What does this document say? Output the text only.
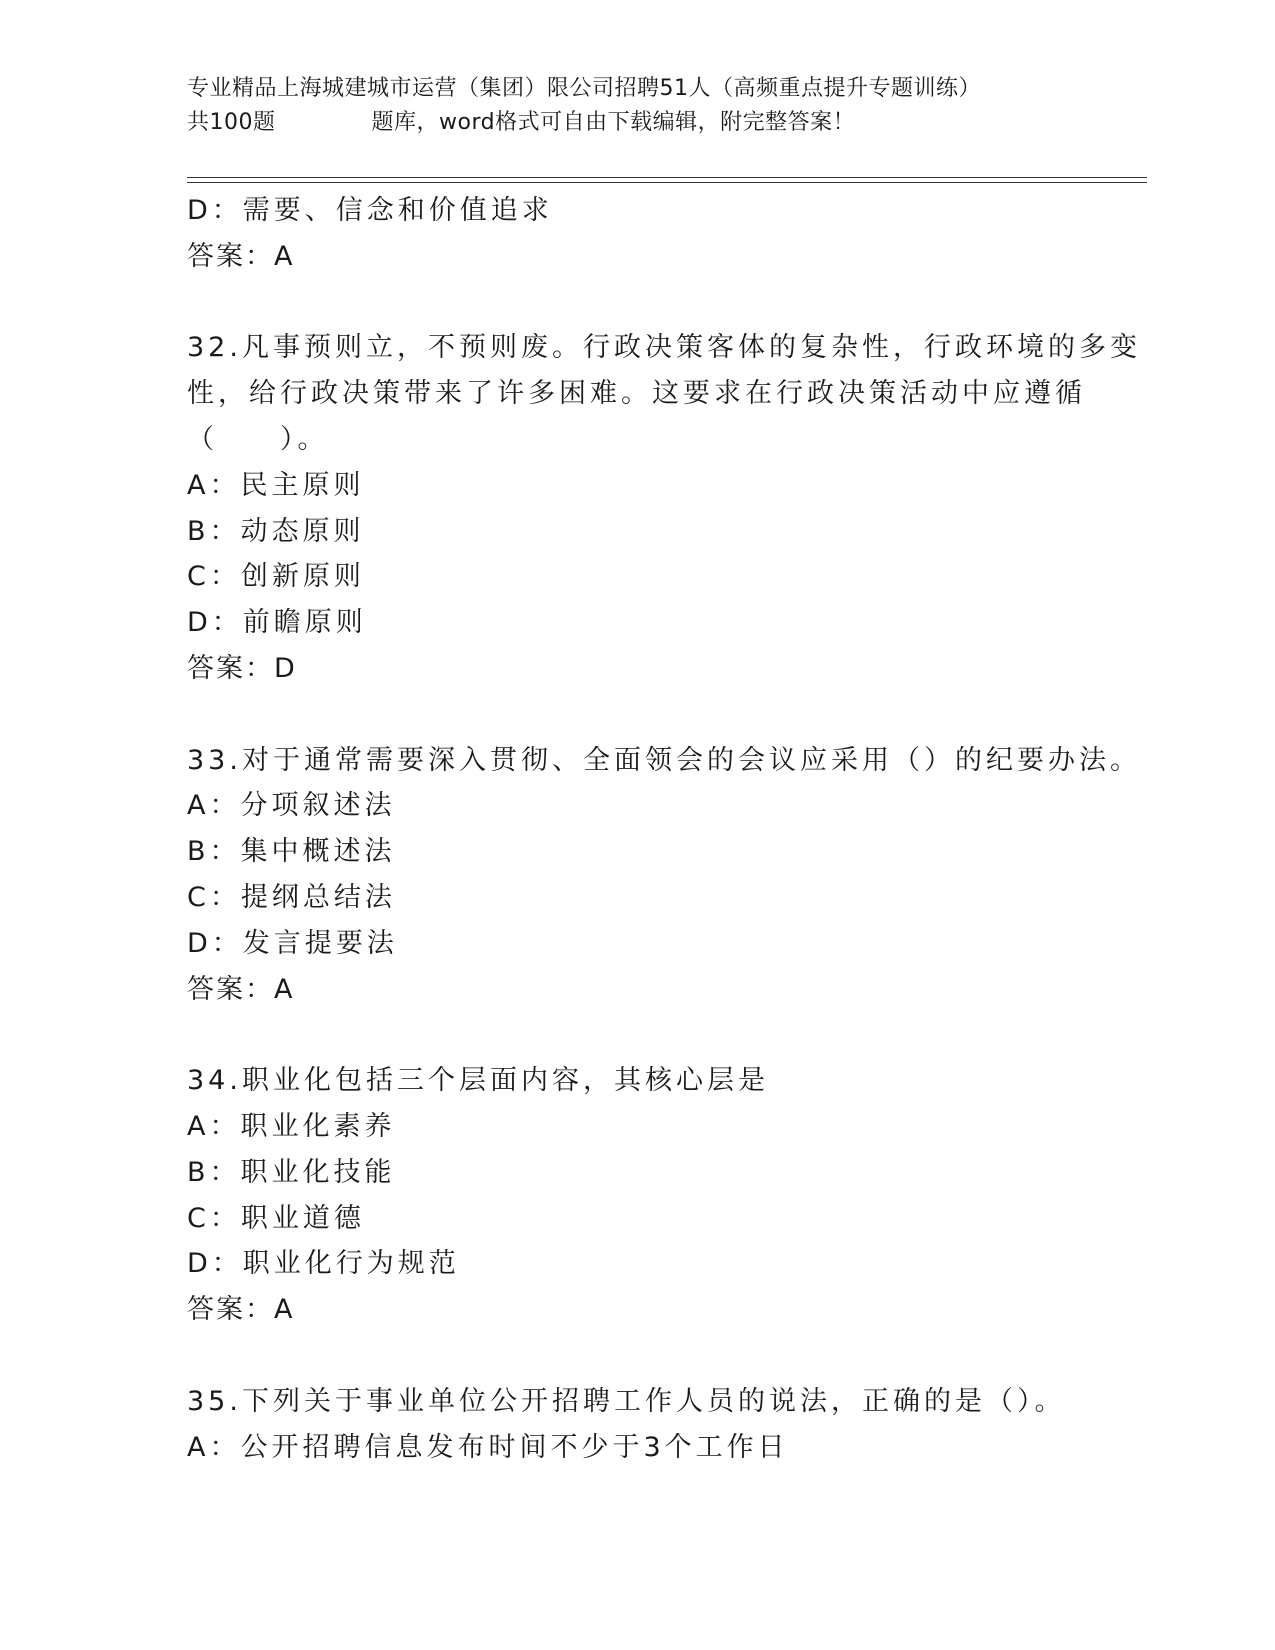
专业精品上海城建城市运营（集团）限公司招聘51人（高频重点提升专题训练）
共100题	题库，word格式可自由下载编辑，附完整答案！
D：需要、信念和价值追求
答案：A
32.凡事预则立，不预则废。行政决策客体的复杂性，行政环境的多变
性，给行政决策带来了许多困难。这要求在行政决策活动中应遵循
（　　）。
A：民主原则
B：动态原则
C：创新原则
D：前瞻原则
答案：D
33.对于通常需要深入贯彻、全面领会的会议应采用（）的纪要办法。
A：分项叙述法
B：集中概述法
C：提纲总结法
D：发言提要法
答案：A
34.职业化包括三个层面内容，其核心层是
A：职业化素养
B：职业化技能
C：职业道德
D：职业化行为规范
答案：A
35.下列关于事业单位公开招聘工作人员的说法，正确的是（）。
A：公开招聘信息发布时间不少于3个工作日
